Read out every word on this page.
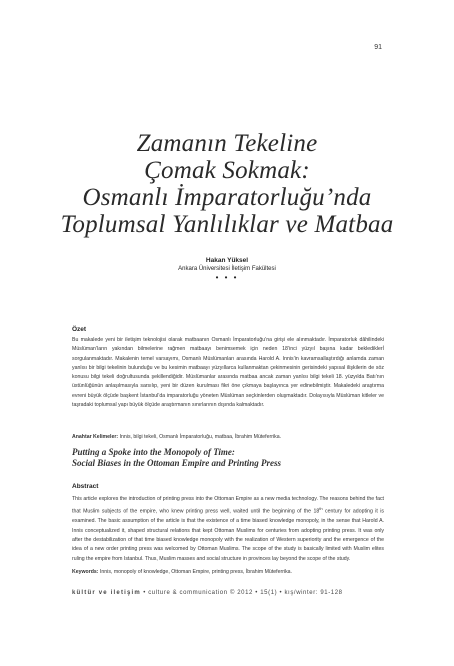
91
Zamanın Tekeline
Çomak Sokmak:
Osmanlı İmparatorluğu’nda
Toplumsal Yanlılıklar ve Matbaa
Hakan Yüksel
Ankara Üniversitesi İletişim Fakültesi
• • •
Özet
Bu makalede yeni bir iletişim teknolojisi olarak matbaanın Osmanlı İmparatorluğu’na girişi ele alınmaktadır. İmparatorluk dâhilindeki Müslüman’ların yakından bilmelerine rağmen matbaayı benimsemek için neden 18’inci yüzyıl başına kadar beklediklerİ sorgulanmaktadır. Makalenin temel varsayımı, Osmanlı Müslümanları arasında Harold A. Innis’in kavramsallaştırdığı anlamda zaman yanlısı bir bilgi tekelinin bulunduğu ve bu kesimin matbaayı yüzyıllarca kullanmaktan çekinmesinin gerisindeki yapısal ilişkilerin de söz konusu bilgi tekeli doğrultusunda şekillendiğidir. Müslümanlar arasında matbaa ancak zaman yanlısı bilgi tekeli 18. yüzyılda Batı’nın üstünlüğünün anlaşılmasıyla sarsılıp, yeni bir düzen kurulması fikri öne çıkmaya başlayınca yer edinebilmiştir. Makaledeki araştırma evreni büyük ölçüde başkent İstanbul’da imparatorluğu yöneten Müslüman seçkinlerden oluşmaktadır. Dolayısıyla Müslüman kitleler ve taşradaki toplumsal yapı büyük ölçüde araştırmanın sınırlarının dışında kalmaktadır.
Anahtar Kelimeler: Innis, bilgi tekeli, Osmanlı İmparatorluğu, matbaa, İbrahim Müteferrika.
Putting a Spoke into the Monopoly of Time:
Social Biases in the Ottoman Empire and Printing Press
Abstract
This article explores the introduction of printing press into the Ottoman Empire as a new media technology. The reasons behind the fact that Muslim subjects of the empire, who knew printing press well, waited until the beginning of the 18th century for adopting it is examined. The basic assumption of the article is that the existence of a time biased knowledge monopoly, in the sense that Harold A. Innis conceptualized it, shaped structural relations that kept Ottoman Muslims for centuries from adopting printing press. It was only after the destabilization of that time biased knowledge monopoly with the realization of Western superiority and the emergence of the idea of a new order printing press was welcomed by Ottoman Muslims. The scope of the study is basically limited with Muslim elites ruling the empire from Istanbul. Thus, Muslim masses and social structure in provinces lay beyond the scope of the study.
Keywords: Innis, monopoly of knowledge, Ottoman Empire, printing press, İbrahim Müteferrika.
kültür ve iletişim • culture & communication © 2012 • 15(1) • kış/winter: 91-128
